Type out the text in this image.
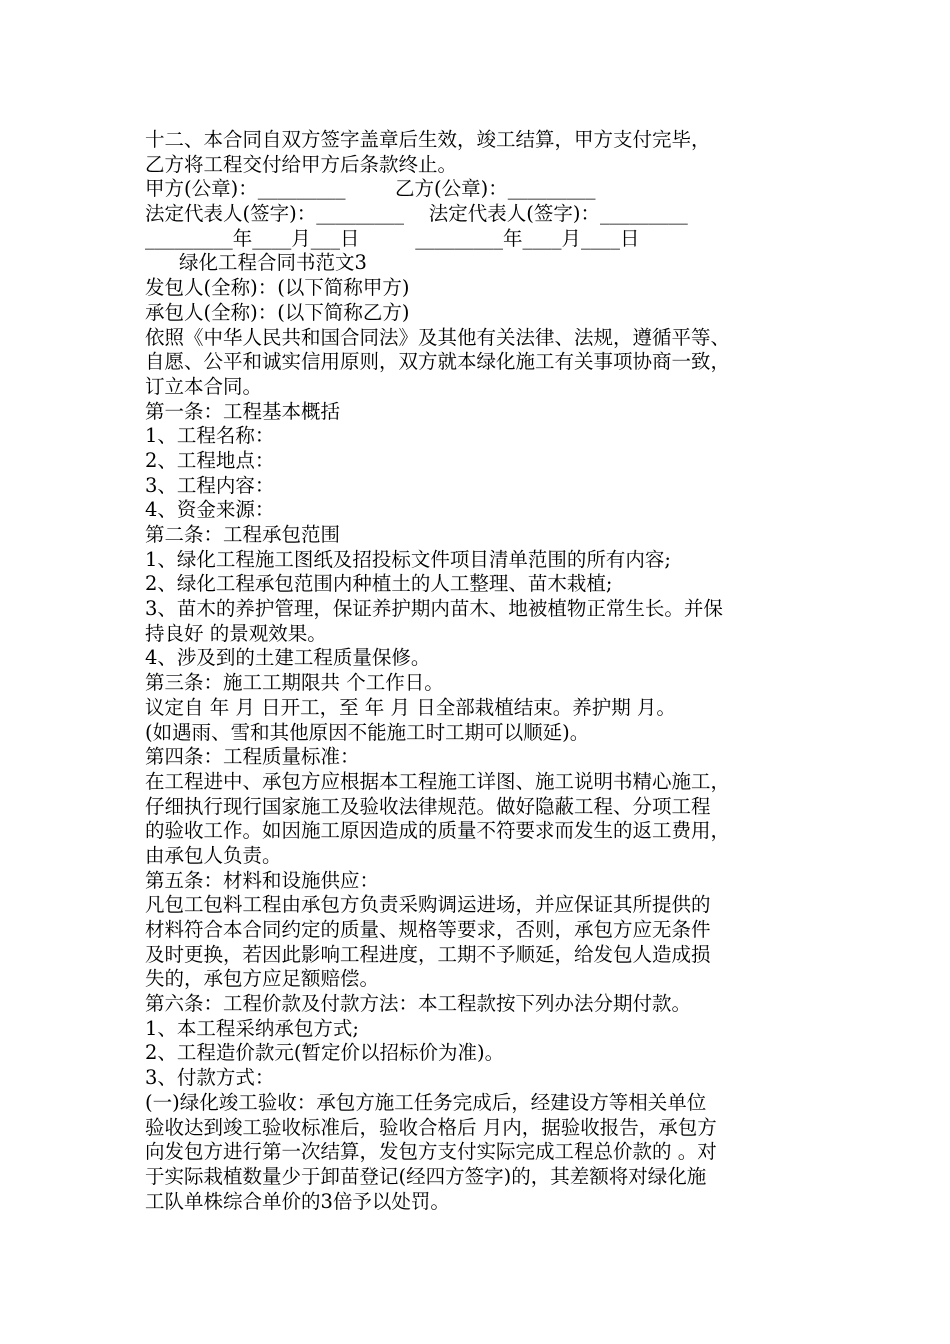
十二、本合同自双方签字盖章后生效，竣工结算，甲方支付完毕，
乙方将工程交付给甲方后条款终止。
甲方(公章)：_________        乙方(公章)：_________
法定代表人(签字)：_________    法定代表人(签字)：_________
_________年____月___日         _________年____月____日
绿化工程合同书范文3
发包人(全称)：(以下简称甲方)
承包人(全称)：(以下简称乙方)
依照《中华人民共和国合同法》及其他有关法律、法规，遵循平等、
自愿、公平和诚实信用原则，双方就本绿化施工有关事项协商一致，
订立本合同。
第一条：工程基本概括
1、工程名称：
2、工程地点：
3、工程内容：
4、资金来源：
第二条：工程承包范围
1、绿化工程施工图纸及招投标文件项目清单范围的所有内容;
2、绿化工程承包范围内种植土的人工整理、苗木栽植;
3、苗木的养护管理，保证养护期内苗木、地被植物正常生长。并保
持良好 的景观效果。
4、涉及到的土建工程质量保修。
第三条：施工工期限共 个工作日。
议定自 年 月 日开工，至 年 月 日全部栽植结束。养护期 月。
(如遇雨、雪和其他原因不能施工时工期可以顺延)。
第四条：工程质量标准：
在工程进中、承包方应根据本工程施工详图、施工说明书精心施工，
仔细执行现行国家施工及验收法律规范。做好隐蔽工程、分项工程
的验收工作。如因施工原因造成的质量不符要求而发生的返工费用，
由承包人负责。
第五条：材料和设施供应：
凡包工包料工程由承包方负责采购调运进场，并应保证其所提供的
材料符合本合同约定的质量、规格等要求，否则，承包方应无条件
及时更换，若因此影响工程进度，工期不予顺延，给发包人造成损
失的，承包方应足额赔偿。
第六条：工程价款及付款方法：本工程款按下列办法分期付款。
1、本工程采纳承包方式;
2、工程造价款元(暂定价以招标价为准)。
3、付款方式：
(一)绿化竣工验收：承包方施工任务完成后，经建设方等相关单位
验收达到竣工验收标准后，验收合格后 月内，据验收报告，承包方
向发包方进行第一次结算，发包方支付实际完成工程总价款的 。对
于实际栽植数量少于卸苗登记(经四方签字)的，其差额将对绿化施
工队单株综合单价的3倍予以处罚。
